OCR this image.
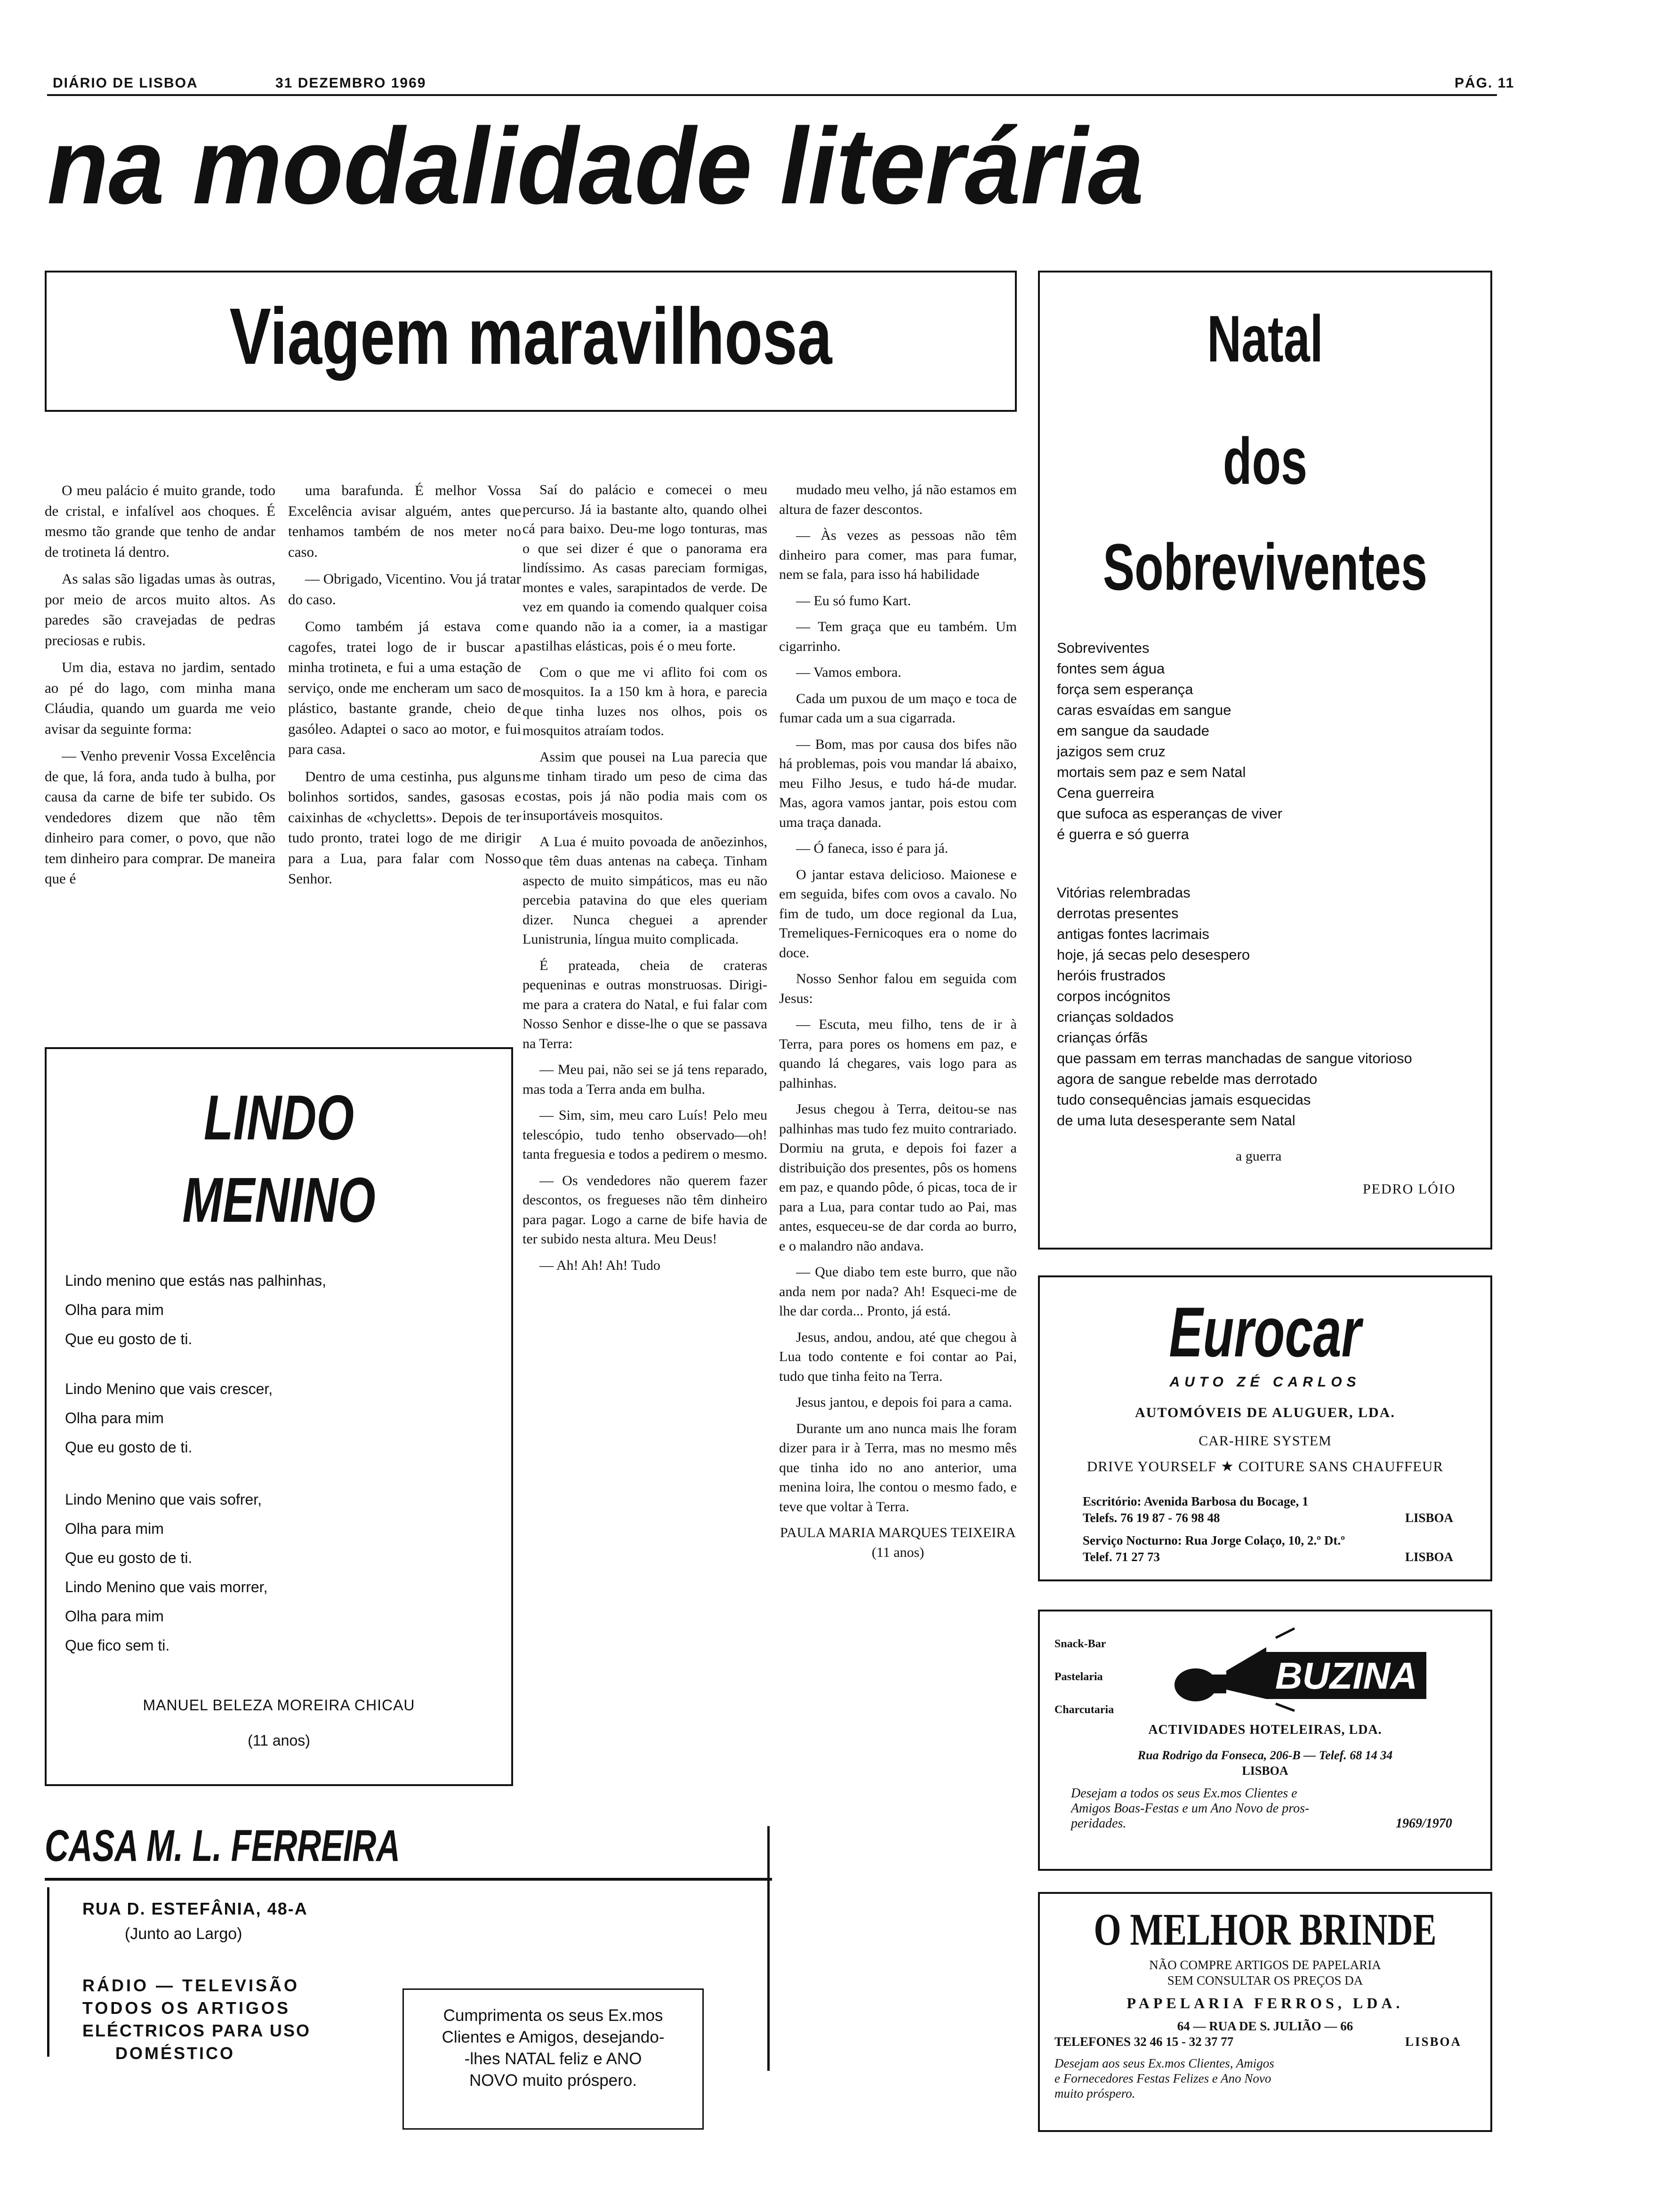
DIÁRIO DE LISBOA	31 DEZEMBRO 1969	PÁG. 11
na modalidade literária
Viagem maravilhosa

O meu palácio é muito grande, todo de cristal, e infalível aos choques. É mesmo tão grande que tenho de andar de trotineta lá dentro.

As salas são ligadas umas às outras, por meio de arcos muito altos. As paredes são cravejadas de pedras preciosas e rubis.

Um dia, estava no jardim, sentado ao pé do lago, com minha mana Cláudia, quando um guarda me veio avisar da seguinte forma:

— Venho prevenir Vossa Excelência de que, lá fora, anda tudo à bulha, por causa da carne de bife ter subido. Os vendedores dizem que não têm dinheiro para comer, o povo, que não tem dinheiro para comprar. De maneira que é

uma barafunda. É melhor Vossa Excelência avisar alguém, antes que tenhamos também de nos meter no caso.

— Obrigado, Vicentino. Vou já tratar do caso.

Como também já estava com cagofes, tratei logo de ir buscar a minha trotineta, e fui a uma estação de serviço, onde me encheram um saco de plástico, bastante grande, cheio de gasóleo. Adaptei o saco ao motor, e fui para casa.

Dentro de uma cestinha, pus alguns bolinhos sortidos, sandes, gasosas e caixinhas de «chycletts». Depois de ter tudo pronto, tratei logo de me dirigir para a Lua, para falar com Nosso Senhor.

Saí do palácio e comecei o meu percurso. Já ia bastante alto, quando olhei cá para baixo. Deu-me logo tonturas, mas o que sei dizer é que o panorama era lindíssimo. As casas pareciam formigas, montes e vales, sarapintados de verde. De vez em quando ia comendo qualquer coisa e quando não ia a comer, ia a mastigar pastilhas elásticas, pois é o meu forte.

Com o que me vi aflito foi com os mosquitos. Ia a 150 km à hora, e parecia que tinha luzes nos olhos, pois os mosquitos atraíam todos.

Assim que pousei na Lua parecia que me tinham tirado um peso de cima das costas, pois já não podia mais com os insuportáveis mosquitos.

A Lua é muito povoada de anõezinhos, que têm duas antenas na cabeça. Tinham aspecto de muito simpáticos, mas eu não percebia patavina do que eles queriam dizer. Nunca cheguei a aprender Lunistrunia, língua muito complicada.

É prateada, cheia de crateras pequeninas e outras monstruosas. Dirigi-me para a cratera do Natal, e fui falar com Nosso Senhor e disse-lhe o que se passava na Terra:

— Meu pai, não sei se já tens reparado, mas toda a Terra anda em bulha.

— Sim, sim, meu caro Luís! Pelo meu telescópio, tudo tenho observado—oh! tanta freguesia e todos a pedirem o mesmo.

— Os vendedores não querem fazer descontos, os fregueses não têm dinheiro para pagar. Logo a carne de bife havia de ter subido nesta altura. Meu Deus!

— Ah! Ah! Ah! Tudo

mudado meu velho, já não estamos em altura de fazer descontos.

— Às vezes as pessoas não têm dinheiro para comer, mas para fumar, nem se fala, para isso há habilidade

— Eu só fumo Kart.

— Tem graça que eu também. Um cigarrinho.

— Vamos embora.

Cada um puxou de um maço e toca de fumar cada um a sua cigarrada.

— Bom, mas por causa dos bifes não há problemas, pois vou mandar lá abaixo, meu Filho Jesus, e tudo há-de mudar. Mas, agora vamos jantar, pois estou com uma traça danada.

— Ó faneca, isso é para já.

O jantar estava delicioso. Maionese e em seguida, bifes com ovos a cavalo. No fim de tudo, um doce regional da Lua, Tremeliques-Fernicoques era o nome do doce.

Nosso Senhor falou em seguida com Jesus:

— Escuta, meu filho, tens de ir à Terra, para pores os homens em paz, e quando lá chegares, vais logo para as palhinhas.

Jesus chegou à Terra, deitou-se nas palhinhas mas tudo fez muito contrariado. Dormiu na gruta, e depois foi fazer a distribuição dos presentes, pôs os homens em paz, e quando pôde, ó picas, toca de ir para a Lua, para contar tudo ao Pai, mas antes, esqueceu-se de dar corda ao burro, e o malandro não andava.

— Que diabo tem este burro, que não anda nem por nada? Ah! Esqueci-me de lhe dar corda... Pronto, já está.

Jesus, andou, andou, até que chegou à Lua todo contente e foi contar ao Pai, tudo que tinha feito na Terra.

Jesus jantou, e depois foi para a cama.

Durante um ano nunca mais lhe foram dizer para ir à Terra, mas no mesmo mês que tinha ido no ano anterior, uma menina loira, lhe contou o mesmo fado, e teve que voltar à Terra.

PAULA MARIA MARQUES TEIXEIRA
(11 anos)
Natal
dos
Sobreviventes
Sobreviventes
fontes sem água
força sem esperança
caras esvaídas em sangue
em sangue da saudade
jazigos sem cruz
mortais sem paz e sem Natal
Cena guerreira
que sufoca as esperanças de viver
é guerra e só guerra
Vitórias relembradas
derrotas presentes
antigas fontes lacrimais
hoje, já secas pelo desespero
heróis frustrados
corpos incógnitos
crianças soldados
crianças órfãs
que passam em terras manchadas de sangue vitorioso
agora de sangue rebelde mas derrotado
tudo consequências jamais esquecidas
de uma luta desesperante sem Natal
a guerra
PEDRO LÓIO
LINDO
MENINO
Lindo menino que estás nas palhinhas,
Olha para mim
Que eu gosto de ti.
Lindo Menino que vais crescer,
Olha para mim
Que eu gosto de ti.
Lindo Menino que vais sofrer,
Olha para mim
Que eu gosto de ti.
Lindo Menino que vais morrer,
Olha para mim
Que fico sem ti.
MANUEL BELEZA MOREIRA CHICAU
(11 anos)
CASA M. L. FERREIRA
RUA D. ESTEFÂNIA, 48-A
(Junto ao Largo)
RÁDIO — TELEVISÃO
TODOS OS ARTIGOS
ELÉCTRICOS PARA USO
DOMÉSTICO
Cumprimenta os seus Ex.mos
Clientes e Amigos, desejando-
-lhes NATAL feliz e ANO
NOVO muito próspero.
Eurocar
AUTO ZÉ CARLOS
AUTOMÓVEIS DE ALUGUER, LDA.
CAR-HIRE SYSTEM
DRIVE YOURSELF ★ COITURE SANS CHAUFFEUR
Escritório: Avenida Barbosa du Bocage, 1
Telefs. 76 19 87 - 76 98 48	LISBOA
Serviço Nocturno: Rua Jorge Colaço, 10, 2.º Dt.º
Telef. 71 27 73	LISBOA
Snack-Bar
Pastelaria
Charcutaria
BUZINA
ACTIVIDADES HOTELEIRAS, LDA.
Rua Rodrigo da Fonseca, 206-B — Telef. 68 14 34
LISBOA
Desejam a todos os seus Ex.mos Clientes e
Amigos Boas-Festas e um Ano Novo de pros-
peridades.	1969/1970
O MELHOR BRINDE
NÃO COMPRE ARTIGOS DE PAPELARIA
SEM CONSULTAR OS PREÇOS DA
PAPELARIA FERROS, LDA.
64 — RUA DE S. JULIÃO — 66
TELEFONES 32 46 15 - 32 37 77	LISBOA
Desejam aos seus Ex.mos Clientes, Amigos
e Fornecedores Festas Felizes e Ano Novo
muito próspero.
